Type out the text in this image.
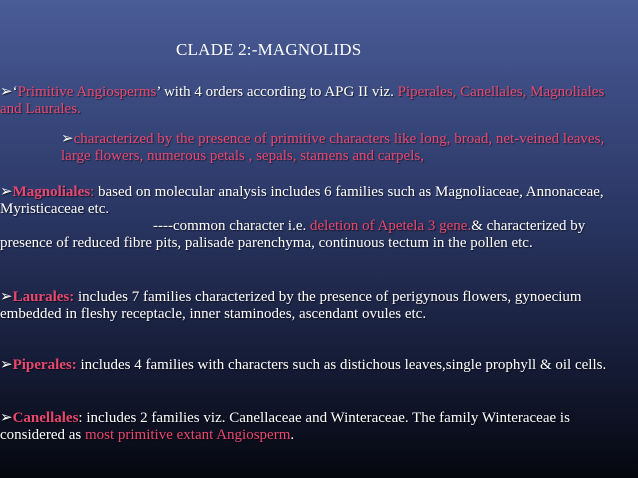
CLADE 2:-MAGNOLIDS
➢‘Primitive Angiosperms’ with 4 orders according to APG II viz. Piperales, Canellales, Magnoliales and Laurales.
➢characterized by the presence of primitive characters like long, broad, net-veined leaves, large flowers, numerous petals , sepals, stamens and carpels,
➢Magnoliales: based on molecular analysis includes 6 families such as Magnoliaceae, Annonaceae, Myristicaceae etc.
----common character i.e. deletion of Apetela 3 gene.& characterized by presence of reduced fibre pits, palisade parenchyma, continuous tectum in the pollen etc.
➢Laurales: includes 7 families characterized by the presence of perigynous flowers, gynoecium embedded in fleshy receptacle, inner staminodes, ascendant ovules etc.
➢Piperales: includes 4 families with characters such as distichous leaves,single prophyll & oil cells.
➢Canellales: includes 2 families viz. Canellaceae and Winteraceae. The family Winteraceae is considered as most primitive extant Angiosperm.
